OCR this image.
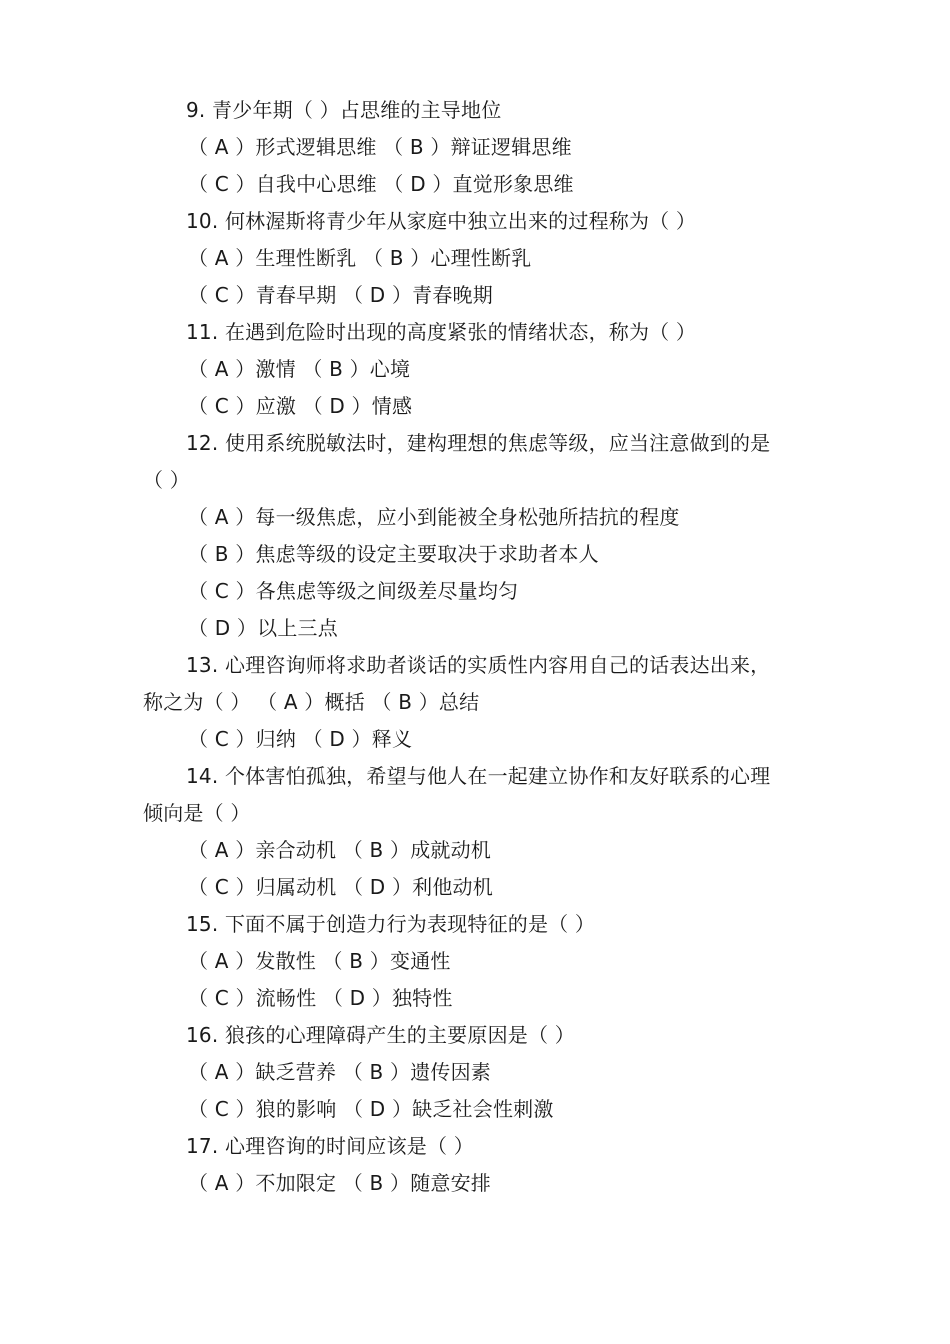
9. 青少年期（ ）占思维的主导地位
（ A ）形式逻辑思维 （ B ）辩证逻辑思维
（ C ）自我中心思维 （ D ）直觉形象思维
10. 何林渥斯将青少年从家庭中独立出来的过程称为（ ）
（ A ）生理性断乳 （ B ）心理性断乳
（ C ）青春早期 （ D ）青春晚期
11. 在遇到危险时出现的高度紧张的情绪状态，称为（ ）
（ A ）激情 （ B ）心境
（ C ）应激 （ D ）情感
12. 使用系统脱敏法时，建构理想的焦虑等级，应当注意做到的是
（ ）
（ A ）每一级焦虑，应小到能被全身松弛所拮抗的程度
（ B ）焦虑等级的设定主要取决于求助者本人
（ C ）各焦虑等级之间级差尽量均匀
（ D ）以上三点
13. 心理咨询师将求助者谈话的实质性内容用自己的话表达出来，
称之为（ ） （ A ）概括 （ B ）总结
（ C ）归纳 （ D ）释义
14. 个体害怕孤独，希望与他人在一起建立协作和友好联系的心理
倾向是（ ）
（ A ）亲合动机 （ B ）成就动机
（ C ）归属动机 （ D ）利他动机
15. 下面不属于创造力行为表现特征的是（ ）
（ A ）发散性 （ B ）变通性
（ C ）流畅性 （ D ）独特性
16. 狼孩的心理障碍产生的主要原因是（ ）
（ A ）缺乏营养 （ B ）遗传因素
（ C ）狼的影响 （ D ）缺乏社会性刺激
17. 心理咨询的时间应该是（ ）
（ A ）不加限定 （ B ）随意安排
